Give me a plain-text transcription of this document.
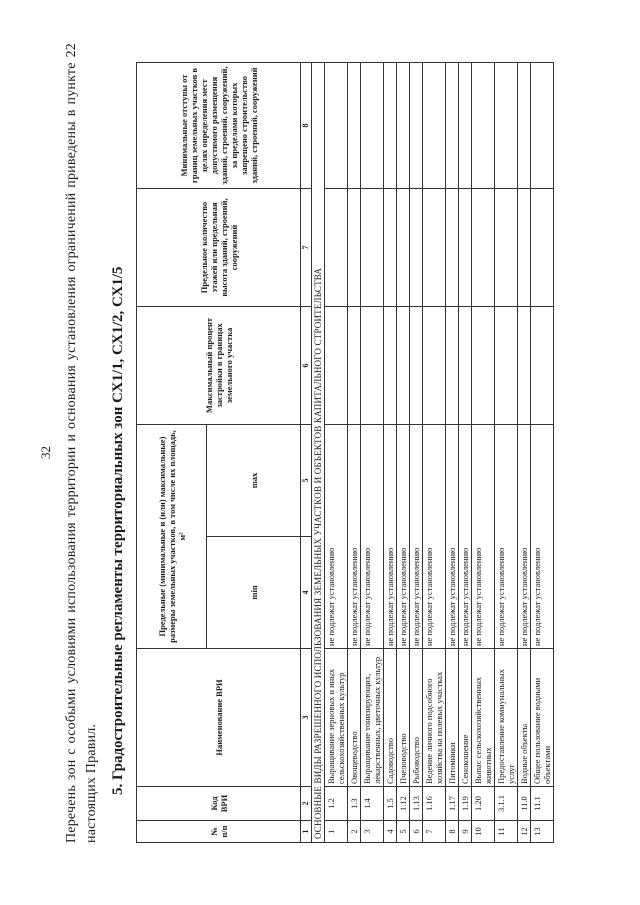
32 Перечень зон с особыми условиями использования территории и основания установления ограничений приведены в пункте 22 настоящих Правил. 5. Градостроительные регламенты территориальных зон СХ1/1, СХ1/2, СХ1/5
№ п/п	Код ВРИ	Наименование ВРИ	Предельные (минимальные и (или) максимальные) размеры земельных участков, в том числе их площадь, м²		Максимальный процент застройки в границах земельного участка	Предельное количество этажей или предельная высота зданий, строений, сооружений	Минимальные отступы от границ земельных участков в целях определения мест допустимого размещения зданий, строений, сооружений, за пределами которых запрещено строительство зданий, строений, сооружений
			min	max			
1	2	3	4	5	6	7	8
ОСНОВНЫЕ ВИДЫ РАЗРЕШЕННОГО ИСПОЛЬЗОВАНИЯ ЗЕМЕЛЬНЫХ УЧАСТКОВ И ОБЪЕКТОВ КАПИТАЛЬНОГО СТРОИТЕЛЬСТВА							
1	1.2	Выращивание зерновых и иных сельскохозяйственных культур	не подлежат установлению				
2	1.3	Овощеводство	не подлежат установлению				
3	1.4	Выращивание тонизирующих, лекарственных, цветочных культур	не подлежат установлению				
4	1.5	Садоводство	не подлежат установлению				
5	1.12	Пчеловодство	не подлежат установлению				
6	1.13	Рыбоводство	не подлежат установлению				
7	1.16	Ведение личного подсобного хозяйства на полевых участках	не подлежат установлению				
8	1.17	Питомники	не подлежат установлению				
9	1.19	Сенокошение	не подлежат установлению				
10	1.20	Выпас сельскохозяйственных животных	не подлежат установлению				
11	3.1.1	Предоставление коммунальных услуг	не подлежат установлению				
12	11.0	Водные объекты	не подлежат установлению				
13	11.1	Общее пользование водными объектами	не подлежат установлению				
